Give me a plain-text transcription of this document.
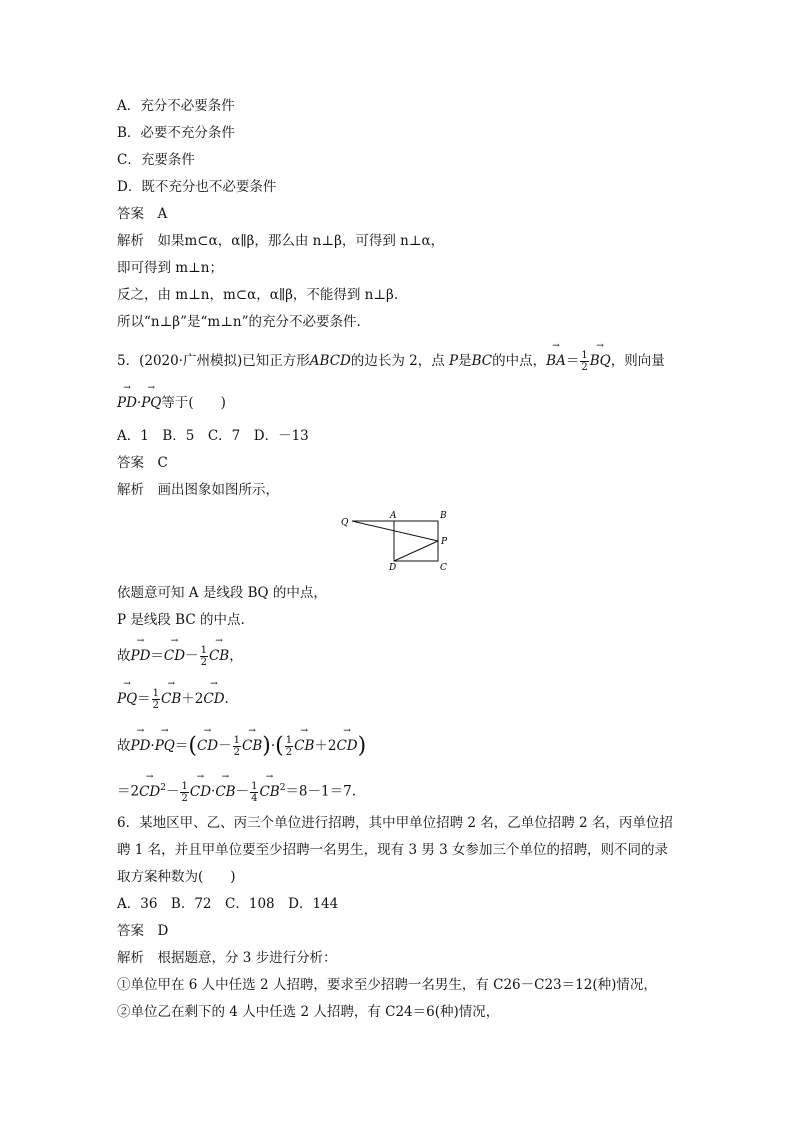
A．充分不必要条件
B．必要不充分条件
C．充要条件
D．既不充分也不必要条件
答案　A
解析　如果m⊂α，α∥β，那么由 n⊥β，可得到 n⊥α，
即可得到 m⊥n；
反之，由 m⊥n，m⊂α，α∥β，不能得到 n⊥β.
所以“n⊥β”是“m⊥n”的充分不必要条件.
5．(2020·广州模拟)已知正方形ABCD的边长为 2，点 P是BC的中点，→ $BA= \frac{1}{2}$
→ BQ，则向量
→ PD·→ PQ等于(　　)
A．1　B．5　C．7　D．－13
答案　C
解析　画出图象如图所示，
Q
A	B
P
D	C
依题意可知 A 是线段 BQ 的中点，
P 是线段 BC 的中点.
故→ $PD=\to CD- \frac{1}{2}$
→ CB，
→ $PQ= \frac{1}{2}$
→ CB＋2→ CD.
故→ $PD\cdot\to PQ=(\to CD- \frac{1}{2}$
→ $CB)\cdot( \frac{1}{2}$
→ CB＋2→ CD)
$=2\to CD^2- \frac{1}{2}$
→ $CD\cdot\to CB- \frac{1}{4}$
→ $CB^2=8-1=7$.
6．某地区甲、乙、丙三个单位进行招聘，其中甲单位招聘 2 名，乙单位招聘 2 名，丙单位招
聘 1 名，并且甲单位要至少招聘一名男生，现有 3 男 3 女参加三个单位的招聘，则不同的录
取方案种数为(　　)
A．36　B．72　C．108　D．144
答案　D
解析　根据题意，分 3 步进行分析：
①单位甲在 6 人中任选 2 人招聘，要求至少招聘一名男生，有 C26－C23＝12(种)情况，
②单位乙在剩下的 4 人中任选 2 人招聘，有 C24＝6(种)情况，
